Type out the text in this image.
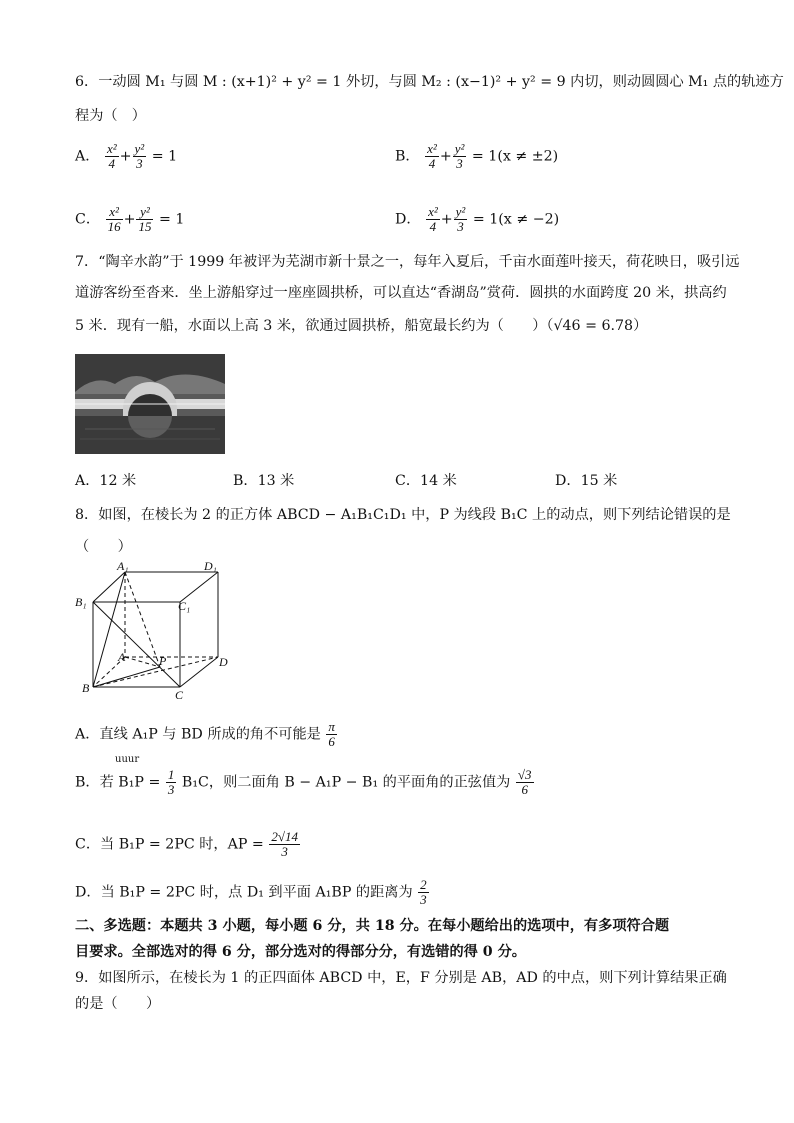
6．一动圆 M₁ 与圆 M : (x+1)² + y² = 1 外切，与圆 M₂ : (x−1)² + y² = 9 内切，则动圆圆心 M₁ 点的轨迹方
程为（　）
A． $\frac{\text{x²}}{4} + \frac{\text{y²}}{3} = 1$	B． $\frac{\text{x²}}{4} + \frac{\text{y²}}{3} = 1(x \ne \pm 2)$
C． $\frac{\text{x²}}{16} + \frac{\text{y²}}{15} = 1$	D． $\frac{\text{x²}}{4} + \frac{\text{y²}}{3} = 1(x \ne -2)$
7．“陶辛水韵”于 1999 年被评为芜湖市新十景之一，每年入夏后，千亩水面莲叶接天，荷花映日，吸引远
道游客纷至沓来．坐上游船穿过一座座圆拱桥，可以直达“香湖岛”赏荷．圆拱的水面跨度 20 米，拱高约
5 米．现有一船，水面以上高 3 米，欲通过圆拱桥，船宽最长约为（　　）（√46 = 6.78）
A．12 米	B．13 米	C．14 米	D．15 米
8．如图，在棱长为 2 的正方体 ABCD − A₁B₁C₁D₁ 中，P 为线段 B₁C 上的动点，则下列结论错误的是
（　　）
A₁	D₁
B₁	C₁
A	P	D
B	C
A．直线 A₁P 与 BD 所成的角不可能是 $\frac{\pi}{6}$
B．若 $B_1P = \frac{1}{3} B_1C$，则二面角 B − A₁P − B₁ 的平面角的正弦值为 $\frac{√3}{6}$
uuur
C．当 B₁P = 2PC 时，AP = $\frac{2√14}{3}$
D．当 B₁P = 2PC 时，点 D₁ 到平面 A₁BP 的距离为 $\frac{2}{3}$
二、多选题：本题共 3 小题，每小题 6 分，共 18 分。在每小题给出的选项中，有多项符合题
目要求。全部选对的得 6 分，部分选对的得部分分，有选错的得 0 分。
9．如图所示，在棱长为 1 的正四面体 ABCD 中，E，F 分别是 AB，AD 的中点，则下列计算结果正确
的是（　　）
